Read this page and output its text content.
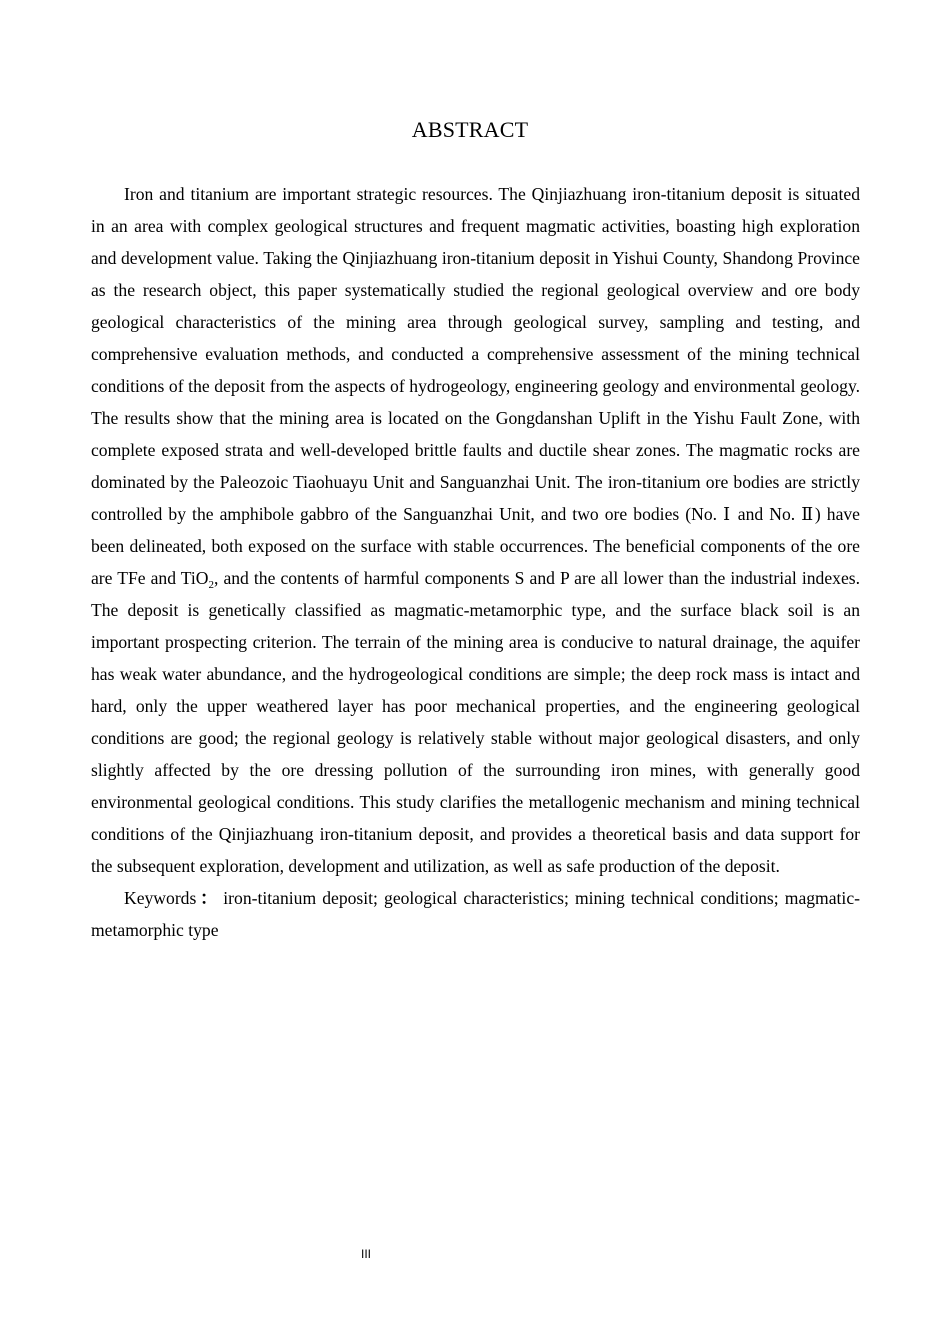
ABSTRACT

Iron and titanium are important strategic resources. The Qinjiazhuang iron-titanium deposit is situated in an area with complex geological structures and frequent magmatic activities, boasting high exploration and development value. Taking the Qinjiazhuang iron-titanium deposit in Yishui County, Shandong Province as the research object, this paper systematically studied the regional geological overview and ore body geological characteristics of the mining area through geological survey, sampling and testing, and comprehensive evaluation methods, and conducted a comprehensive assessment of the mining technical conditions of the deposit from the aspects of hydrogeology, engineering geology and environmental geology. The results show that the mining area is located on the Gongdanshan Uplift in the Yishu Fault Zone, with complete exposed strata and well-developed brittle faults and ductile shear zones. The magmatic rocks are dominated by the Paleozoic Tiaohuayu Unit and Sanguanzhai Unit. The iron-titanium ore bodies are strictly controlled by the amphibole gabbro of the Sanguanzhai Unit, and two ore bodies (No. Ⅰ and No. Ⅱ) have been delineated, both exposed on the surface with stable occurrences. The beneficial components of the ore are TFe and TiO$_2$, and the contents of harmful components S and P are all lower than the industrial indexes. The deposit is genetically classified as magmatic-metamorphic type, and the surface black soil is an important prospecting criterion. The terrain of the mining area is conducive to natural drainage, the aquifer has weak water abundance, and the hydrogeological conditions are simple; the deep rock mass is intact and hard, only the upper weathered layer has poor mechanical properties, and the engineering geological conditions are good; the regional geology is relatively stable without major geological disasters, and only slightly affected by the ore dressing pollution of the surrounding iron mines, with generally good environmental geological conditions. This study clarifies the metallogenic mechanism and mining technical conditions of the Qinjiazhuang iron-titanium deposit, and provides a theoretical basis and data support for the subsequent exploration, development and utilization, as well as safe production of the deposit.

Keywords ： iron-titanium deposit; geological characteristics; mining technical conditions; magmatic-metamorphic type

III
